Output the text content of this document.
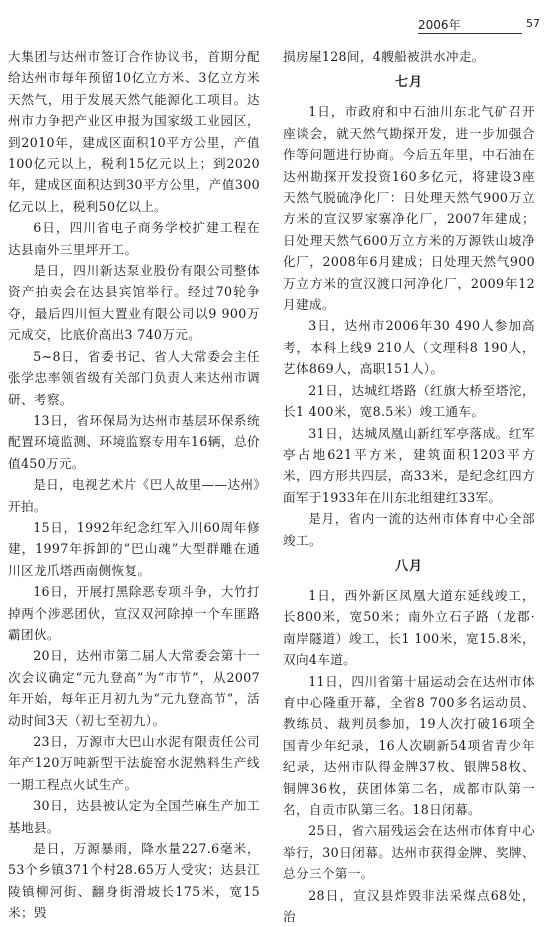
2006年	57

大集团与达州市签订合作协议书，首期分配给达州市每年预留10亿立方米、3亿立方米天然气，用于发展天然气能源化工项目。达州市力争把产业区申报为国家级工业园区，到2010年，建成区面积10平方公里，产值100亿元以上，税利15亿元以上；到2020年，建成区面积达到30平方公里，产值300亿元以上，税利50亿以上。

6日，四川省电子商务学校扩建工程在达县南外三里坪开工。

是日，四川新达泵业股份有限公司整体资产拍卖会在达县宾馆举行。经过70轮争夺，最后四川恒大置业有限公司以9 900万元成交，比底价高出3 740万元。

5~8日，省委书记、省人大常委会主任张学忠率领省级有关部门负责人来达州市调研、考察。

13日，省环保局为达州市基层环保系统配置环境监测、环境监察专用车16辆，总价值450万元。

是日，电视艺术片《巴人故里——达州》开拍。

15日，1992年纪念红军入川60周年修建，1997年拆卸的“巴山魂”大型群雕在通川区龙爪塔西南侧恢复。

16日，开展打黑除恶专项斗争，大竹打掉两个涉恶团伙，宣汉双河除掉一个车匪路霸团伙。

20日，达州市第二届人大常委会第十一次会议确定“元九登高”为“市节”，从2007年开始，每年正月初九为“元九登高节”，活动时间3天（初七至初九）。

23日，万源市大巴山水泥有限责任公司年产120万吨新型干法旋窑水泥熟料生产线一期工程点火试生产。

30日，达县被认定为全国苎麻生产加工基地县。

是日，万源暴雨，降水量227.6毫米，53个乡镇371个村28.65万人受灾；达县江陵镇柳河街、翻身街滑坡长175米，宽15米；毁

损房屋128间，4艘船被洪水冲走。

七月

1日，市政府和中石油川东北气矿召开座谈会，就天然气勘探开发，进一步加强合作等问题进行协商。今后五年里，中石油在达州勘探开发投资160多亿元，将建设3座天然气脱硫净化厂：日处理天然气900万立方米的宣汉罗家寨净化厂，2007年建成；日处理天然气600万立方米的万源铁山坡净化厂，2008年6月建成；日处理天然气900万立方米的宣汉渡口河净化厂，2009年12月建成。

3日，达州市2006年30 490人参加高考，本科上线9 210人（文理科8 190人，艺体869人，高职151人）。

21日，达城红塔路（红旗大桥至塔沱，长1 400米，宽8.5米）竣工通车。

31日，达城凤凰山新红军亭落成。红军亭占地621平方米，建筑面积1203平方米，四方形共四层，高33米，是纪念红四方面军于1933年在川东北组建红33军。

是月，省内一流的达州市体育中心全部竣工。

八月

1日，西外新区凤凰大道东延线竣工，长800米，宽50米；南外立石子路（龙郡·南岸隧道）竣工，长1 100米，宽15.8米，双向4车道。

11日，四川省第十届运动会在达州市体育中心隆重开幕，全省8 700多名运动员、教练员、裁判员参加，19人次打破16项全国青少年纪录，16人次刷新54项省青少年纪录，达州市队得金牌37枚、银牌58枚、铜牌36枚，获团体第二名，成都市队第一名，自贡市队第三名。18日闭幕。

25日，省六届残运会在达州市体育中心举行，30日闭幕。达州市获得金牌、奖牌、总分三个第一。

28日，宣汉县炸毁非法采煤点68处，治
